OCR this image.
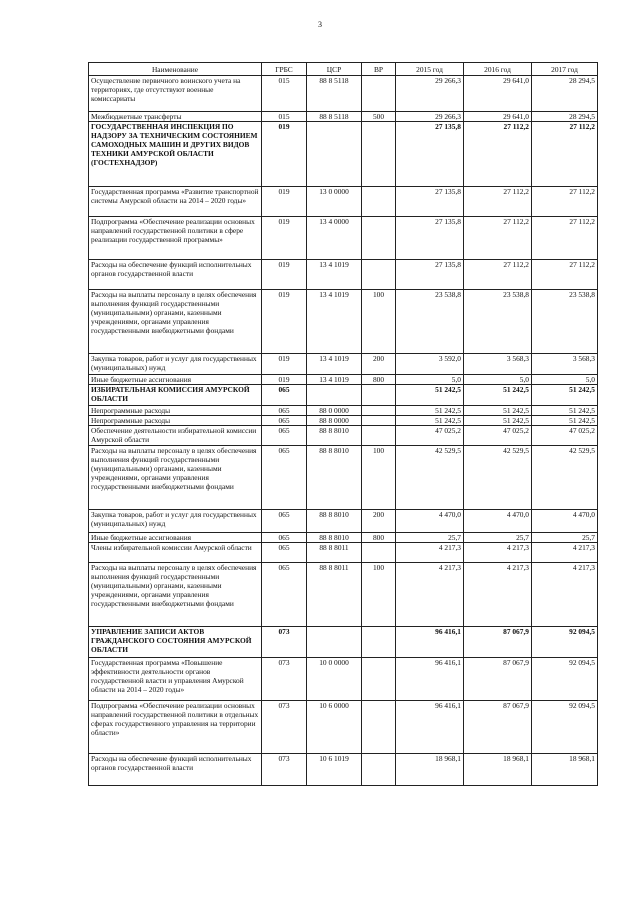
3
Наименование	ГРБС	ЦСР	ВР	2015 год	2016 год	2017 год
Осуществление первичного воинского учета на территориях, где отсутствуют военные комиссариаты	015	88 8 5118		29 266,3	29 641,0	28 294,5
Межбюджетные трансферты	015	88 8 5118	500	29 266,3	29 641,0	28 294,5
ГОСУДАРСТВЕННАЯ ИНСПЕКЦИЯ ПО НАДЗОРУ ЗА ТЕХНИЧЕСКИМ СОСТОЯНИЕМ САМОХОДНЫХ МАШИН И ДРУГИХ ВИДОВ ТЕХНИКИ АМУРСКОЙ ОБЛАСТИ (ГОСТЕХНАДЗОР)	019			27 135,8	27 112,2	27 112,2
Государственная программа «Развитие транспортной системы Амурской области на 2014 – 2020 годы»	019	13 0 0000		27 135,8	27 112,2	27 112,2
Подпрограмма «Обеспечение реализации основных направлений государственной политики в сфере реализации государственной программы»	019	13 4 0000		27 135,8	27 112,2	27 112,2
Расходы на обеспечение функций исполнительных органов государственной власти	019	13 4 1019		27 135,8	27 112,2	27 112,2
Расходы на выплаты персоналу в целях обеспечения выполнения функций государственными (муниципальными) органами, казенными учреждениями, органами управления государственными внебюджетными фондами	019	13 4 1019	100	23 538,8	23 538,8	23 538,8
Закупка товаров, работ и услуг для государственных (муниципальных) нужд	019	13 4 1019	200	3 592,0	3 568,3	3 568,3
Иные бюджетные ассигнования	019	13 4 1019	800	5,0	5,0	5,0
ИЗБИРАТЕЛЬНАЯ КОМИССИЯ АМУРСКОЙ ОБЛАСТИ	065			51 242,5	51 242,5	51 242,5
Непрограммные расходы	065	88 0 0000		51 242,5	51 242,5	51 242,5
Непрограммные расходы	065	88 8 0000		51 242,5	51 242,5	51 242,5
Обеспечение деятельности избирательной комиссии Амурской области	065	88 8 8010		47 025,2	47 025,2	47 025,2
Расходы на выплаты персоналу в целях обеспечения выполнения функций государственными (муниципальными) органами, казенными учреждениями, органами управления государственными внебюджетными фондами	065	88 8 8010	100	42 529,5	42 529,5	42 529,5
Закупка товаров, работ и услуг для государственных (муниципальных) нужд	065	88 8 8010	200	4 470,0	4 470,0	4 470,0
Иные бюджетные ассигнования	065	88 8 8010	800	25,7	25,7	25,7
Члены избирательной комиссии Амурской области	065	88 8 8011		4 217,3	4 217,3	4 217,3
Расходы на выплаты персоналу в целях обеспечения выполнения функций государственными (муниципальными) органами, казенными учреждениями, органами управления государственными внебюджетными фондами	065	88 8 8011	100	4 217,3	4 217,3	4 217,3
УПРАВЛЕНИЕ ЗАПИСИ АКТОВ ГРАЖДАНСКОГО СОСТОЯНИЯ АМУРСКОЙ ОБЛАСТИ	073			96 416,1	87 067,9	92 094,5
Государственная программа «Повышение эффективности деятельности органов государственной власти и управления Амурской области на 2014 – 2020 годы»	073	10 0 0000		96 416,1	87 067,9	92 094,5
Подпрограмма «Обеспечение реализации основных направлений государственной политики в отдельных сферах государственного управления на территории области»	073	10 6 0000		96 416,1	87 067,9	92 094,5
Расходы на обеспечение функций исполнительных органов государственной власти	073	10 6 1019		18 968,1	18 968,1	18 968,1
